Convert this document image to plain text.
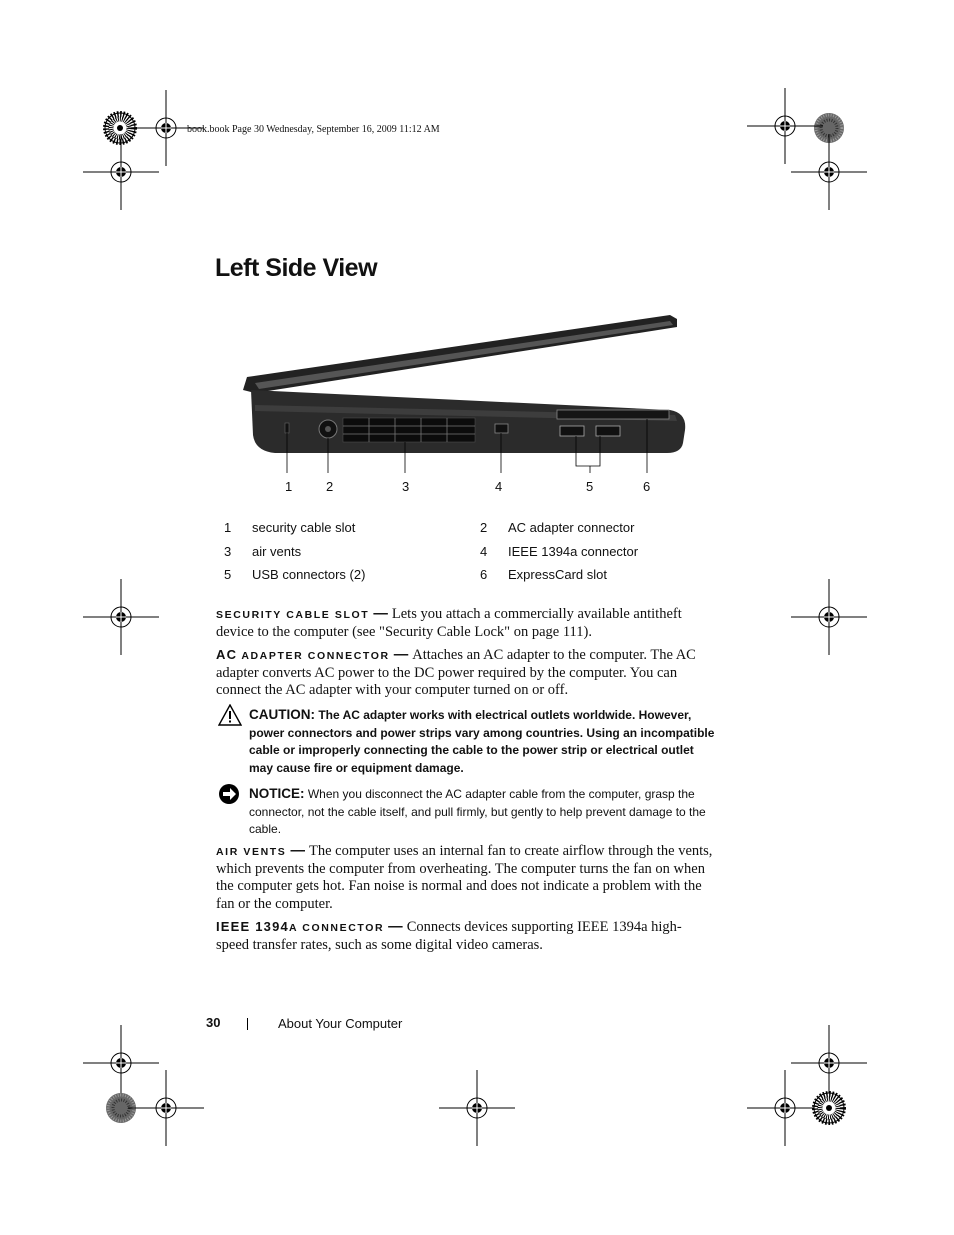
book.book Page 30 Wednesday, September 16, 2009 11:12 AM
Left Side View
1	2	3	4	5	6
1	security cable slot	2	AC adapter connector
3	air vents	4	IEEE 1394a connector
5	USB connectors (2)	6	ExpressCard slot
SECURITY CABLE SLOT — Lets you attach a commercially available antitheft device to the computer (see "Security Cable Lock" on page 111).
AC ADAPTER CONNECTOR — Attaches an AC adapter to the computer. The AC adapter converts AC power to the DC power required by the computer. You can connect the AC adapter with your computer turned on or off.
CAUTION: The AC adapter works with electrical outlets worldwide. However, power connectors and power strips vary among countries. Using an incompatible cable or improperly connecting the cable to the power strip or electrical outlet may cause fire or equipment damage.
NOTICE: When you disconnect the AC adapter cable from the computer, grasp the connector, not the cable itself, and pull firmly, but gently to help prevent damage to the cable.
AIR VENTS — The computer uses an internal fan to create airflow through the vents, which prevents the computer from overheating. The computer turns the fan on when the computer gets hot. Fan noise is normal and does not indicate a problem with the fan or the computer.
IEEE 1394A CONNECTOR — Connects devices supporting IEEE 1394a high-speed transfer rates, such as some digital video cameras.
30	About Your Computer
